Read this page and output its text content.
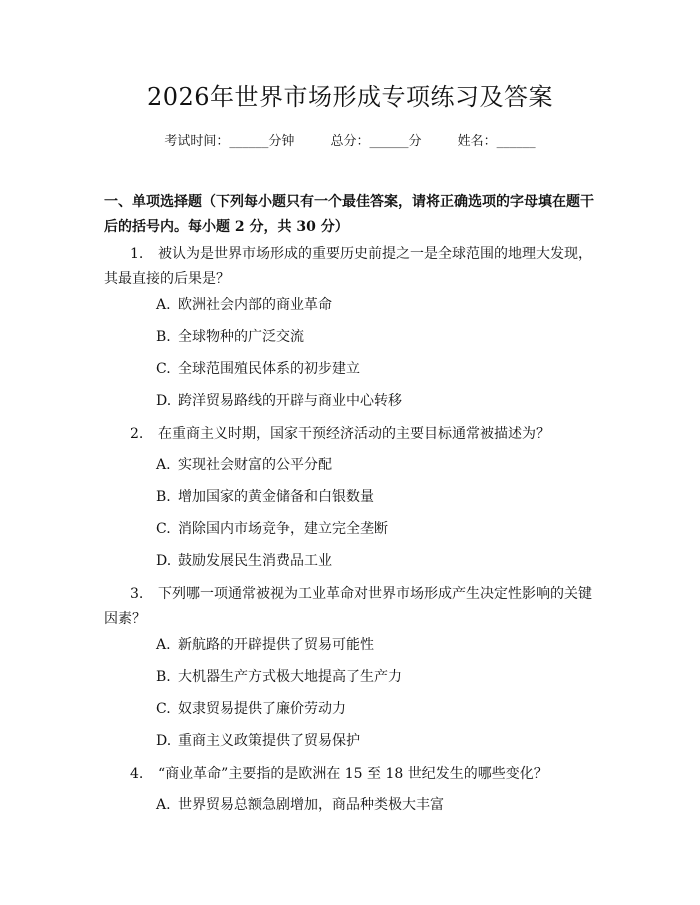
2026年世界市场形成专项练习及答案
考试时间：______分钟	总分：______分	姓名：______
一、单项选择题（下列每小题只有一个最佳答案，请将正确选项的字母填在题干后的括号内。每小题 2 分，共 30 分）
1. 被认为是世界市场形成的重要历史前提之一是全球范围的地理大发现，其最直接的后果是？
A. 欧洲社会内部的商业革命
B. 全球物种的广泛交流
C. 全球范围殖民体系的初步建立
D. 跨洋贸易路线的开辟与商业中心转移
2. 在重商主义时期，国家干预经济活动的主要目标通常被描述为？
A. 实现社会财富的公平分配
B. 增加国家的黄金储备和白银数量
C. 消除国内市场竞争，建立完全垄断
D. 鼓励发展民生消费品工业
3. 下列哪一项通常被视为工业革命对世界市场形成产生决定性影响的关键因素？
A. 新航路的开辟提供了贸易可能性
B. 大机器生产方式极大地提高了生产力
C. 奴隶贸易提供了廉价劳动力
D. 重商主义政策提供了贸易保护
4. “商业革命”主要指的是欧洲在 15 至 18 世纪发生的哪些变化？
A. 世界贸易总额急剧增加，商品种类极大丰富
